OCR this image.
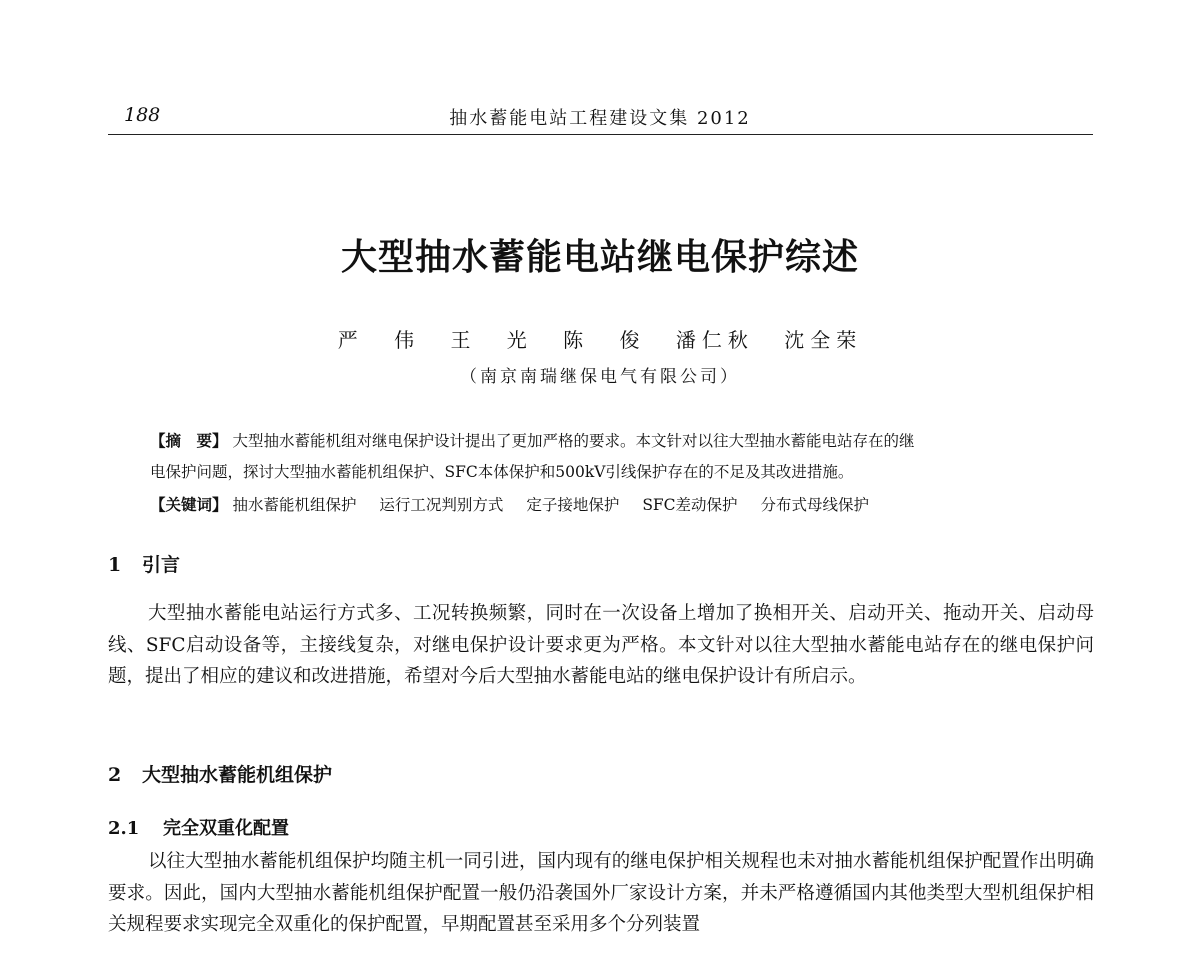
188	抽水蓄能电站工程建设文集 2012
大型抽水蓄能电站继电保护综述
严 伟 王 光 陈 俊 潘仁秋 沈全荣
（南京南瑞继保电气有限公司）
【摘　要】 大型抽水蓄能机组对继电保护设计提出了更加严格的要求。本文针对以往大型抽水蓄能电站存在的继
电保护问题，探讨大型抽水蓄能机组保护、SFC本体保护和500kV引线保护存在的不足及其改进措施。
【关键词】 抽水蓄能机组保护 运行工况判别方式 定子接地保护 SFC差动保护 分布式母线保护
1 引言
大型抽水蓄能电站运行方式多、工况转换频繁，同时在一次设备上增加了换相开关、启动开关、拖动开关、启动母线、SFC启动设备等，主接线复杂，对继电保护设计要求更为严格。本文针对以往大型抽水蓄能电站存在的继电保护问题，提出了相应的建议和改进措施，希望对今后大型抽水蓄能电站的继电保护设计有所启示。
2 大型抽水蓄能机组保护
2.1 完全双重化配置
以往大型抽水蓄能机组保护均随主机一同引进，国内现有的继电保护相关规程也未对抽水蓄能机组保护配置作出明确要求。因此，国内大型抽水蓄能机组保护配置一般仍沿袭国外厂家设计方案，并未严格遵循国内其他类型大型机组保护相关规程要求实现完全双重化的保护配置，早期配置甚至采用多个分列装置
